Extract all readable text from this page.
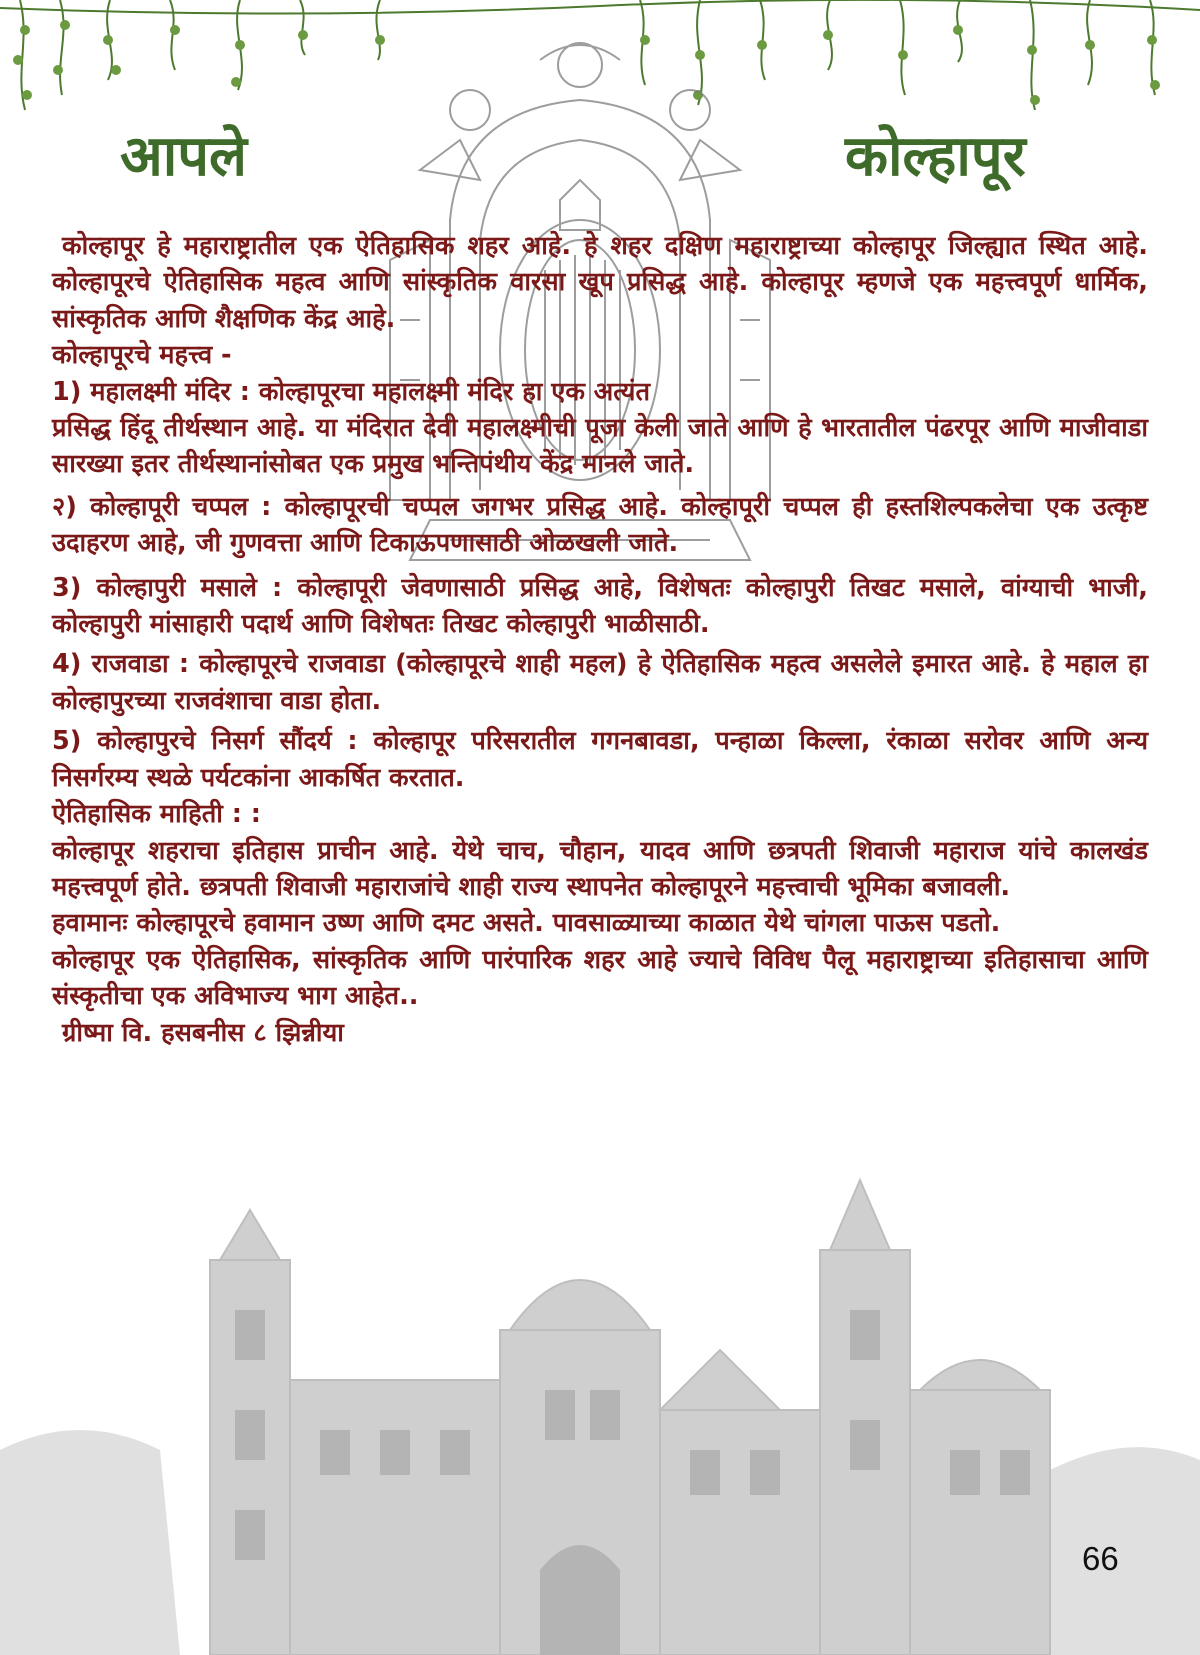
आपले	कोल्हापूर

कोल्हापूर हे महाराष्ट्रातील एक ऐतिहासिक शहर आहे. हे शहर दक्षिण महाराष्ट्राच्या कोल्हापूर जिल्ह्यात स्थित आहे. कोल्हापूरचे ऐतिहासिक महत्व आणि सांस्कृतिक वारसा खूप प्रसिद्ध आहे. कोल्हापूर म्हणजे एक महत्त्वपूर्ण धार्मिक, सांस्कृतिक आणि शैक्षणिक केंद्र आहे.

कोल्हापूरचे महत्त्व -

1) महालक्ष्मी मंदिर : कोल्हापूरचा महालक्ष्मी मंदिर हा एक अत्यंत

प्रसिद्ध हिंदू तीर्थस्थान आहे. या मंदिरात देवी महालक्ष्मीची पूजा केली जाते आणि हे भारतातील पंढरपूर आणि माजीवाडा सारख्या इतर तीर्थस्थानांसोबत एक प्रमुख भन्तिपंथीय केंद्र मानले जाते.

२) कोल्हापूरी चप्पल : कोल्हापूरची चप्पल जगभर प्रसिद्ध आहे. कोल्हापूरी चप्पल ही हस्तशिल्पकलेचा एक उत्कृष्ट उदाहरण आहे, जी गुणवत्ता आणि टिकाऊपणासाठी ओळखली जाते.

3) कोल्हापुरी मसाले : कोल्हापूरी जेवणासाठी प्रसिद्ध आहे, विशेषतः कोल्हापुरी तिखट मसाले, वांग्याची भाजी, कोल्हापुरी मांसाहारी पदार्थ आणि विशेषतः तिखट कोल्हापुरी भाळीसाठी.

4) राजवाडा : कोल्हापूरचे राजवाडा (कोल्हापूरचे शाही महल) हे ऐतिहासिक महत्व असलेले इमारत आहे. हे महाल हा कोल्हापुरच्या राजवंशाचा वाडा होता.

5) कोल्हापुरचे निसर्ग सौंदर्य : कोल्हापूर परिसरातील गगनबावडा, पन्हाळा किल्ला, रंकाळा सरोवर आणि अन्य निसर्गरम्य स्थळे पर्यटकांना आकर्षित करतात.

ऐतिहासिक माहिती : :

कोल्हापूर शहराचा इतिहास प्राचीन आहे. येथे चाच, चौहान, यादव आणि छत्रपती शिवाजी महाराज यांचे कालखंड महत्त्वपूर्ण होते. छत्रपती शिवाजी महाराजांचे शाही राज्य स्थापनेत कोल्हापूरने महत्त्वाची भूमिका बजावली.

हवामानः कोल्हापूरचे हवामान उष्ण आणि दमट असते. पावसाळ्याच्या काळात येथे चांगला पाऊस पडतो.

कोल्हापूर एक ऐतिहासिक, सांस्कृतिक आणि पारंपारिक शहर आहे ज्याचे विविध पैलू महाराष्ट्राच्या इतिहासाचा आणि संस्कृतीचा एक अविभाज्य भाग आहेत..

ग्रीष्मा वि. हसबनीस ८ झिन्नीया

66
